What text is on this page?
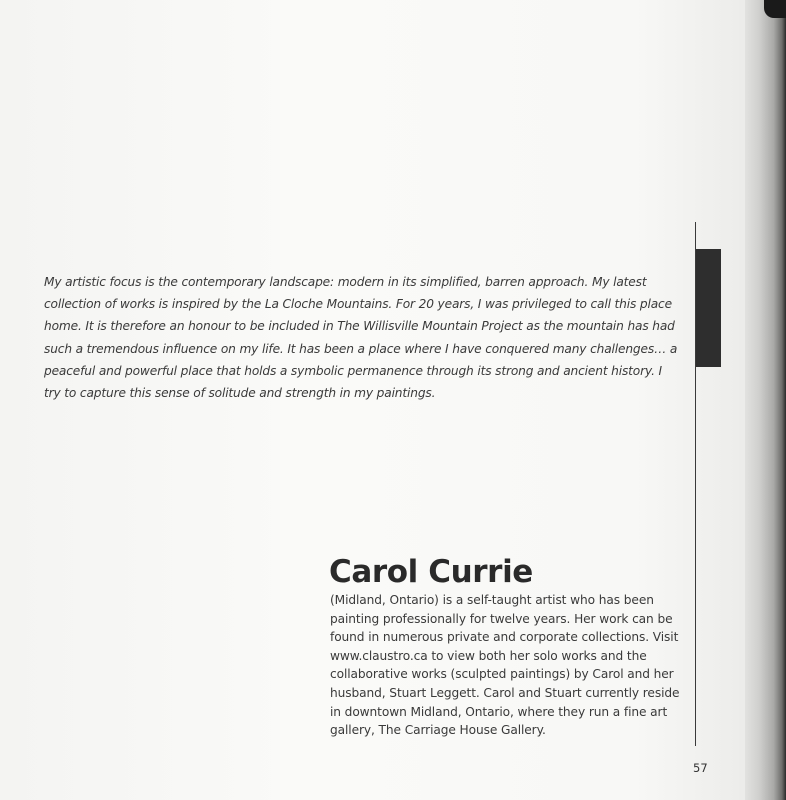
My artistic focus is the contemporary landscape: modern in its simplified, barren approach. My latest collection of works is inspired by the La Cloche Mountains. For 20 years, I was privileged to call this place home. It is therefore an honour to be included in The Willisville Mountain Project as the mountain has had such a tremendous influence on my life. It has been a place where I have conquered many challenges… a peaceful and powerful place that holds a symbolic permanence through its strong and ancient history. I try to capture this sense of solitude and strength in my paintings.

Carol Currie

(Midland, Ontario) is a self-taught artist who has been painting professionally for twelve years. Her work can be found in numerous private and corporate collections. Visit www.claustro.ca to view both her solo works and the collaborative works (sculpted paintings) by Carol and her husband, Stuart Leggett. Carol and Stuart currently reside in downtown Midland, Ontario, where they run a fine art gallery, The Carriage House Gallery.

57
